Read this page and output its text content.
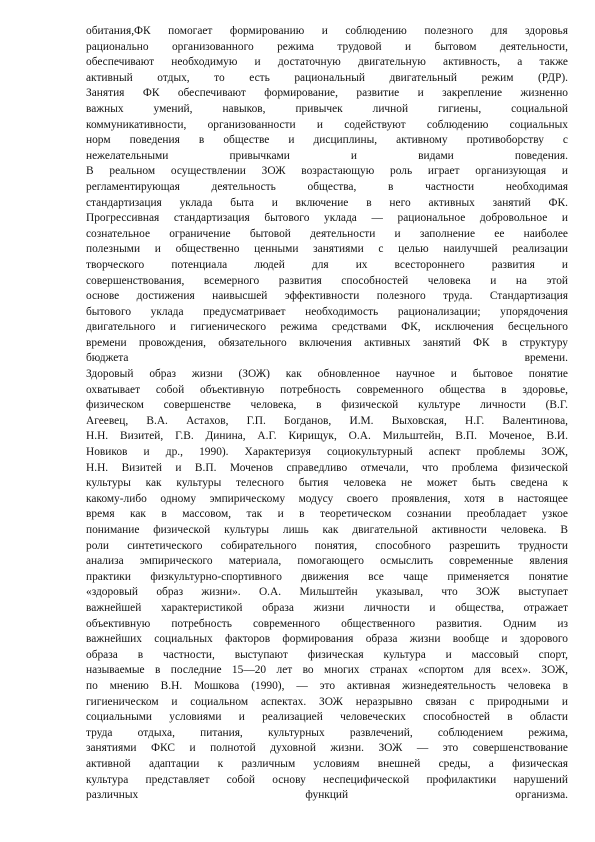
обитания,ФК помогает формированию и соблюдению полезного для здоровья
рационально организованного режима трудовой и бытовом деятельности,
обеспечивают необходимую и достаточную двигательную активность, а также
активный отдых, то есть рациональный двигательный режим (РДР).
Занятия ФК обеспечивают формирование, развитие и закрепление жизненно
важных умений, навыков, привычек личной гигиены, социальной
коммуникативности, организованности и содействуют соблюдению социальных
норм поведения в обществе и дисциплины, активному противоборству с
нежелательными привычками и видами поведения.
В реальном осуществлении ЗОЖ возрастающую роль играет организующая и
регламентирующая деятельность общества, в частности необходимая
стандартизация уклада быта и включение в него активных занятий ФК.
Прогрессивная стандартизация бытового уклада — рациональное добровольное и
сознательное ограничение бытовой деятельности и заполнение ее наиболее
полезными и общественно ценными занятиями с целью наилучшей реализации
творческого потенциала людей для их всестороннего развития и
совершенствования, всемерного развития способностей человека и на этой
основе достижения наивысшей эффективности полезного труда. Стандартизация
бытового уклада предусматривает необходимость рационализации; упорядочения
двигательного и гигиенического режима средствами ФК, исключения бесцельного
времени провождения, обязательного включения активных занятий ФК в структуру
бюджета времени.
Здоровый образ жизни (ЗОЖ) как обновленное научное и бытовое понятие
охватывает собой объективную потребность современного общества в здоровье,
физическом совершенстве человека, в физической культуре личности (В.Г.
Агеевец, В.А. Астахов, Г.П. Богданов, И.М. Выховская, Н.Г. Валентинова,
Н.Н. Визитей, Г.В. Динина, А.Г. Кирищук, О.А. Мильштейн, В.П. Моченое, В.И.
Новиков и др., 1990). Характеризуя социокультурный аспект проблемы ЗОЖ,
Н.Н. Визитей и В.П. Моченов справедливо отмечали, что проблема физической
культуры как культуры телесного бытия человека не может быть сведена к
какому-либо одному эмпирическому модусу своего проявления, хотя в настоящее
время как в массовом, так и в теоретическом сознании преобладает узкое
понимание физической культуры лишь как двигательной активности человека. В
роли синтетического собирательного понятия, способного разрешить трудности
анализа эмпирического материала, помогающего осмыслить современные явления
практики физкультурно-спортивного движения все чаще применяется понятие
«здоровый образ жизни». О.А. Мильштейн указывал, что ЗОЖ выступает
важнейшей характеристикой образа жизни личности и общества, отражает
объективную потребность современного общественного развития. Одним из
важнейших социальных факторов формирования образа жизни вообще и здорового
образа в частности, выступают физическая культура и массовый спорт,
называемые в последние 15—20 лет во многих странах «спортом для всех». ЗОЖ,
по мнению В.Н. Мошкова (1990), — это активная жизнедеятельность человека в
гигиеническом и социальном аспектах. ЗОЖ неразрывно связан с природными и
социальными условиями и реализацией человеческих способностей в области
труда отдыха, питания, культурных развлечений, соблюдением режима,
занятиями ФКС и полнотой духовной жизни. ЗОЖ — это совершенствование
активной адаптации к различным условиям внешней среды, а физическая
культура представляет собой основу неспецифической профилактики нарушений
различных функций организма.
